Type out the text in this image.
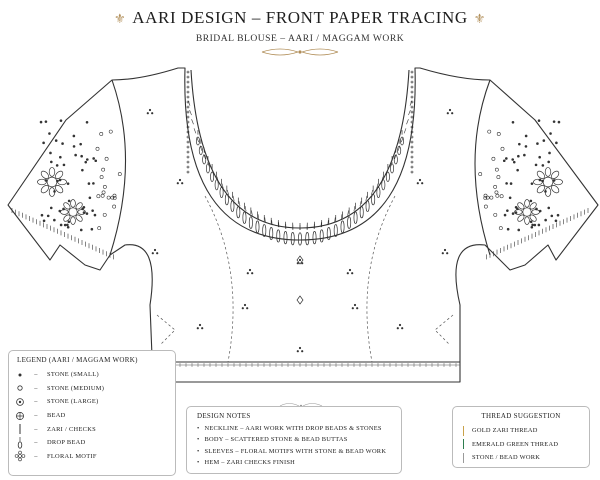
⚜ AARI DESIGN – FRONT PAPER TRACING ⚜
BRIDAL BLOUSE – AARI / MAGGAM WORK
LEGEND (AARI / MAGGAM WORK)
–	STONE (SMALL)
–	STONE (MEDIUM)
–	STONE (LARGE)
–	BEAD
–	ZARI / CHECKS
–	DROP BEAD
–	FLORAL MOTIF
DESIGN NOTES
• NECKLINE – AARI WORK WITH DROP BEADS & STONES
• BODY – SCATTERED STONE & BEAD BUTTAS
• SLEEVES – FLORAL MOTIFS WITH STONE & BEAD WORK
• HEM – ZARI CHECKS FINISH
THREAD SUGGESTION
GOLD ZARI THREAD
EMERALD GREEN THREAD
STONE / BEAD WORK
